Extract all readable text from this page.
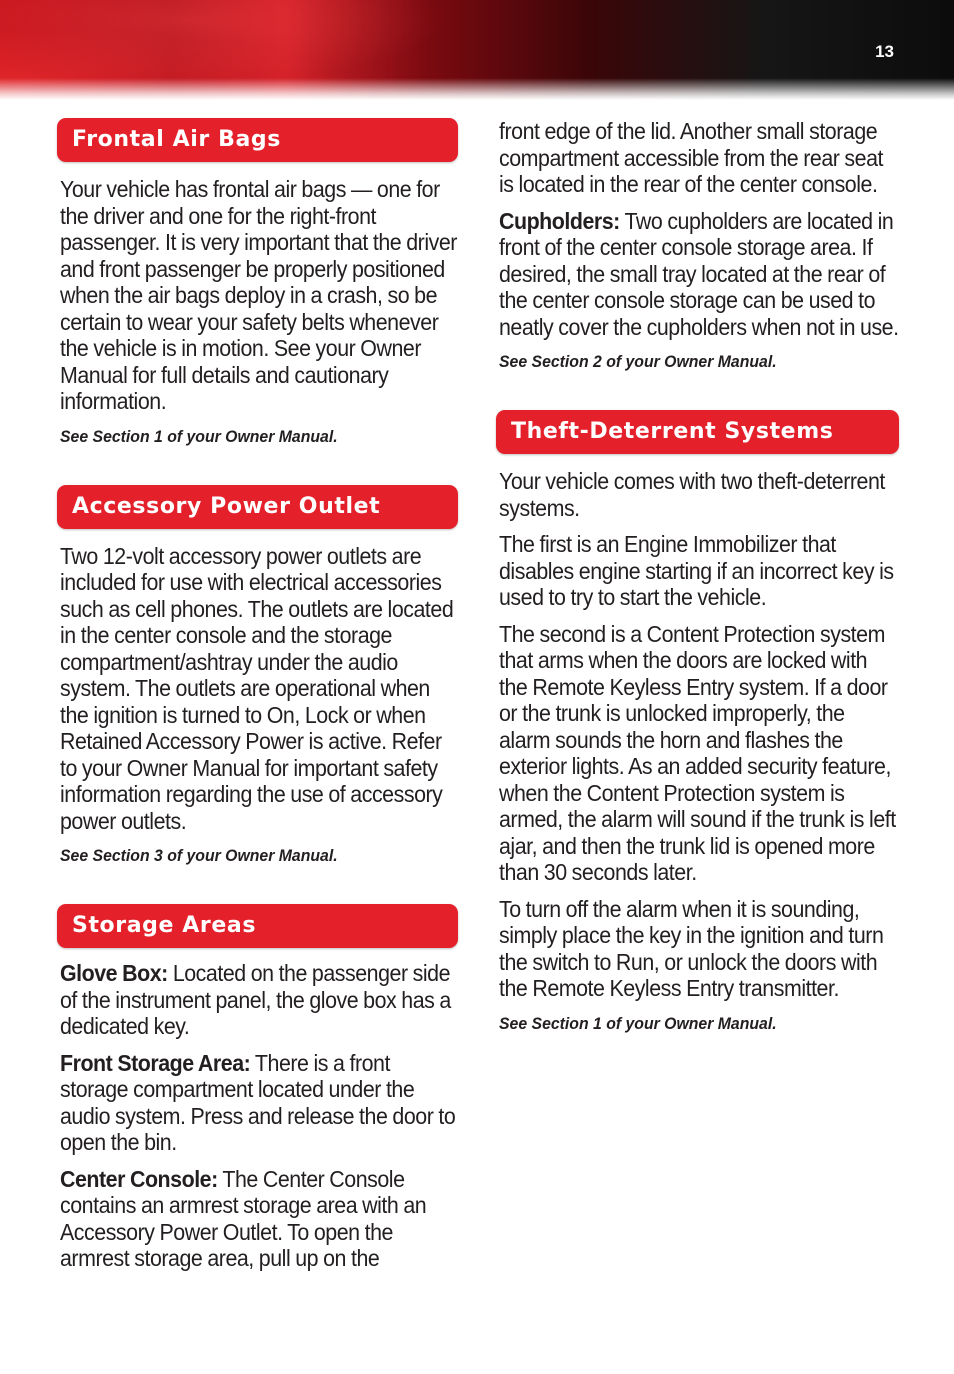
13
Frontal Air Bags

Your vehicle has frontal air bags — one for the driver and one for the right-front passenger. It is very important that the driver and front passenger be properly positioned when the air bags deploy in a crash, so be certain to wear your safety belts whenever the vehicle is in motion. See your Owner Manual for full details and cautionary information.

See Section 1 of your Owner Manual.

Accessory Power Outlet

Two 12-volt accessory power outlets are included for use with electrical accessories such as cell phones. The outlets are located in the center console and the storage compartment/ashtray under the audio system. The outlets are operational when the ignition is turned to On, Lock or when Retained Accessory Power is active. Refer to your Owner Manual for important safety information regarding the use of accessory power outlets.

See Section 3 of your Owner Manual.

Storage Areas

Glove Box: Located on the passenger side of the instrument panel, the glove box has a dedicated key.

Front Storage Area: There is a front storage compartment located under the audio system. Press and release the door to open the bin.

Center Console: The Center Console contains an armrest storage area with an Accessory Power Outlet. To open the armrest storage area, pull up on the

front edge of the lid. Another small storage compartment accessible from the rear seat is located in the rear of the center console.

Cupholders: Two cupholders are located in front of the center console storage area. If desired, the small tray located at the rear of the center console storage can be used to neatly cover the cupholders when not in use.

See Section 2 of your Owner Manual.

Theft-Deterrent Systems

Your vehicle comes with two theft-deterrent systems.

The first is an Engine Immobilizer that disables engine starting if an incorrect key is used to try to start the vehicle.

The second is a Content Protection system that arms when the doors are locked with the Remote Keyless Entry system. If a door or the trunk is unlocked improperly, the alarm sounds the horn and flashes the exterior lights. As an added security feature, when the Content Protection system is armed, the alarm will sound if the trunk is left ajar, and then the trunk lid is opened more than 30 seconds later.

To turn off the alarm when it is sounding, simply place the key in the ignition and turn the switch to Run, or unlock the doors with the Remote Keyless Entry transmitter.

See Section 1 of your Owner Manual.
